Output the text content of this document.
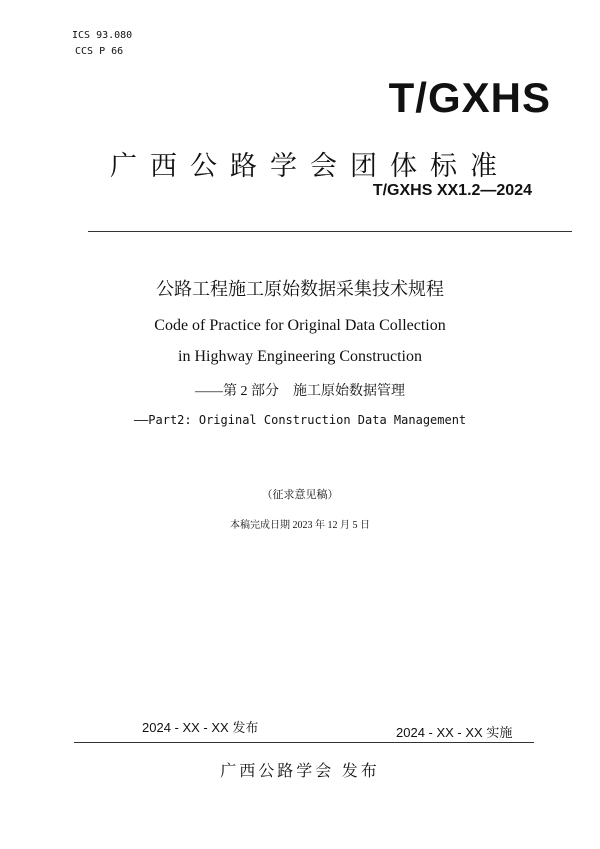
ICS 93.080
CCS P 66
T/GXHS
广西公路学会团体标准
T/GXHS XX1.2—2024
公路工程施工原始数据采集技术规程
Code of Practice for Original Data Collection
in Highway Engineering Construction
——第 2 部分　施工原始数据管理
——Part2: Original Construction Data Management
（征求意见稿）
本稿完成日期 2023 年 12 月 5 日
2024 - XX - XX 发布	2024 - XX - XX 实施
广西公路学会 发布
